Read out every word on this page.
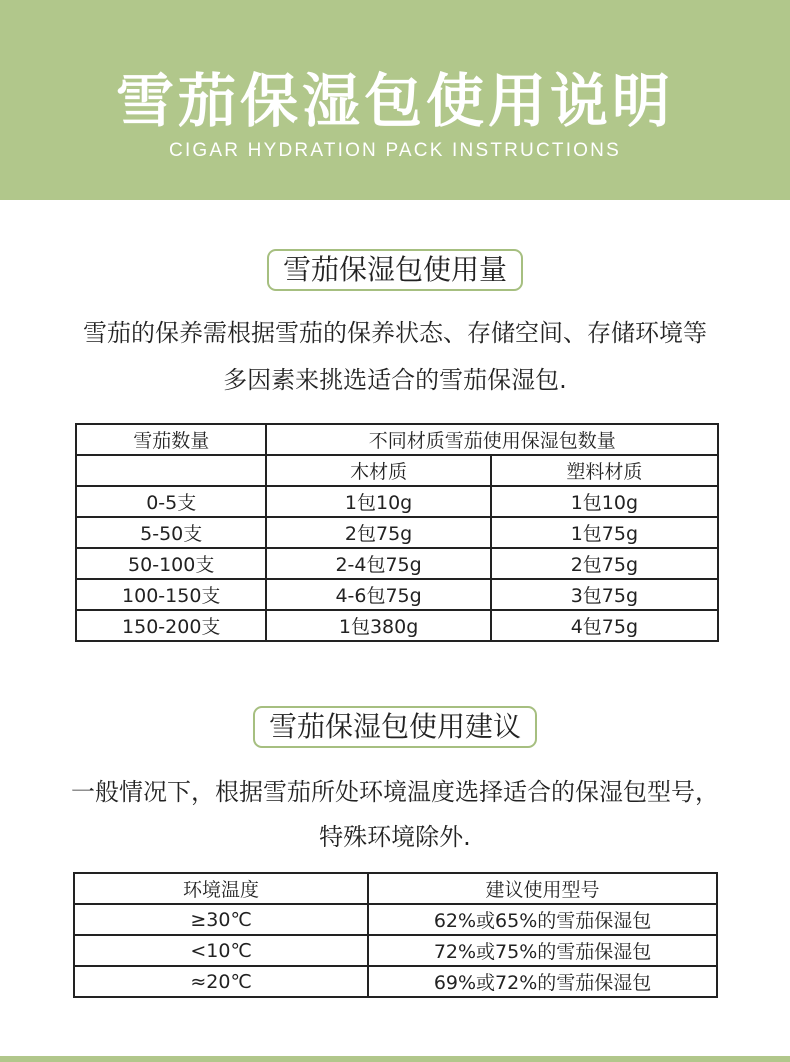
雪茄保湿包使用说明
CIGAR HYDRATION PACK INSTRUCTIONS
雪茄保湿包使用量
雪茄的保养需根据雪茄的保养状态、存储空间、存储环境等
多因素来挑选适合的雪茄保湿包.
雪茄数量	不同材质雪茄使用保湿包数量	
	木材质	塑料材质
0-5支	1包10g	1包10g
5-50支	2包75g	1包75g
50-100支	2-4包75g	2包75g
100-150支	4-6包75g	3包75g
150-200支	1包380g	4包75g
雪茄保湿包使用建议
一般情况下，根据雪茄所处环境温度选择适合的保湿包型号，
特殊环境除外.
环境温度	建议使用型号
≥30℃	62%或65%的雪茄保湿包
<10℃	72%或75%的雪茄保湿包
≈20℃	69%或72%的雪茄保湿包
